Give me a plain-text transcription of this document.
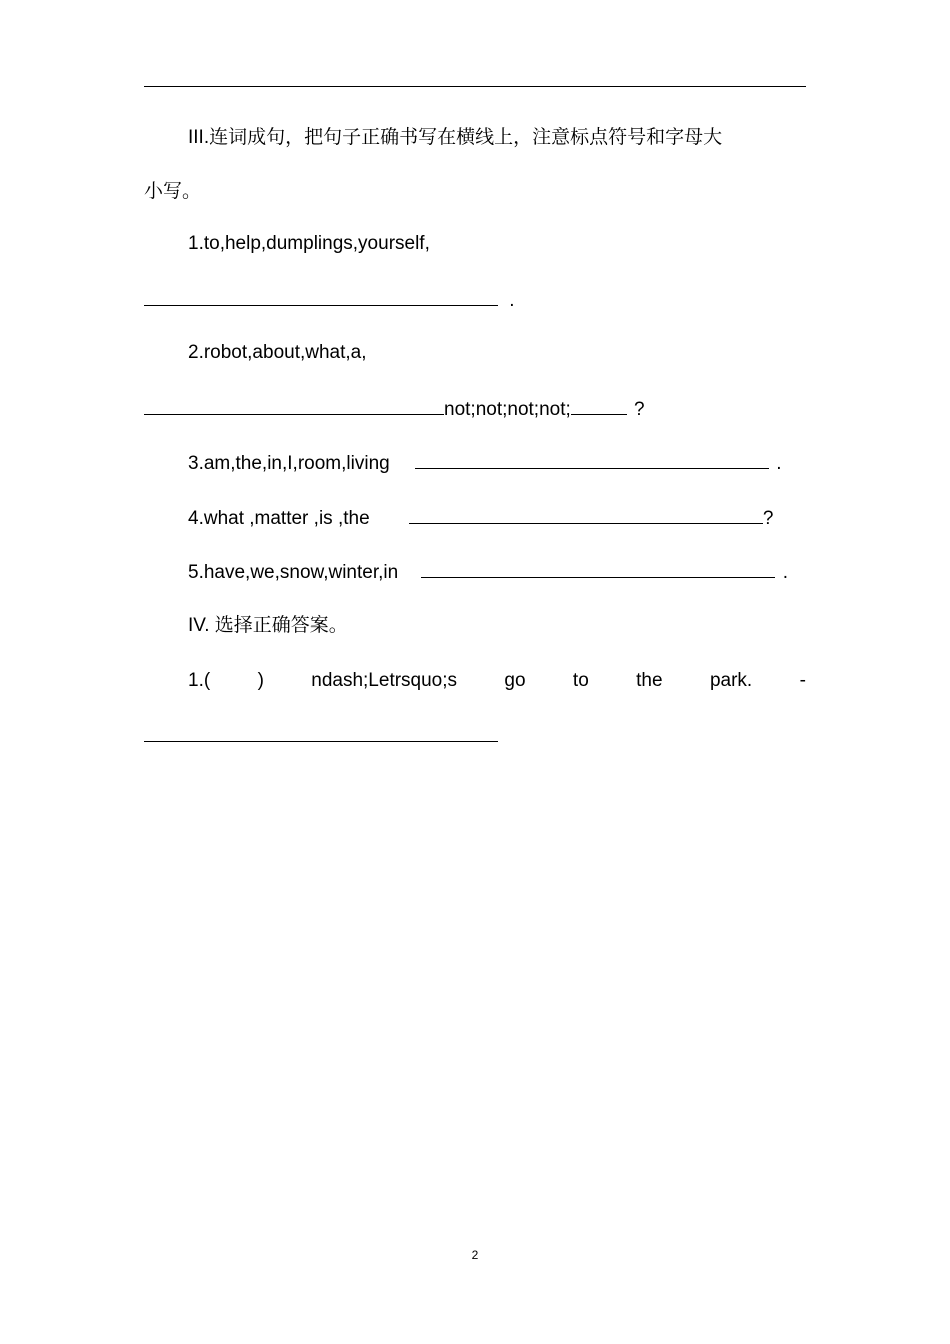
III.连词成句，把句子正确书写在横线上，注意标点符号和字母大
小写。
1.to,help,dumplings,yourself,
.
2.robot,about,what,a,
not;not;not;not;	?
3.am,the,in,I,room,living	.
4.what ,matter ,is ,the	?
5.have,we,snow,winter,in	.
IV. 选择正确答案。
1.( ) ndash;Letrsquo;s go to the park. -
2
